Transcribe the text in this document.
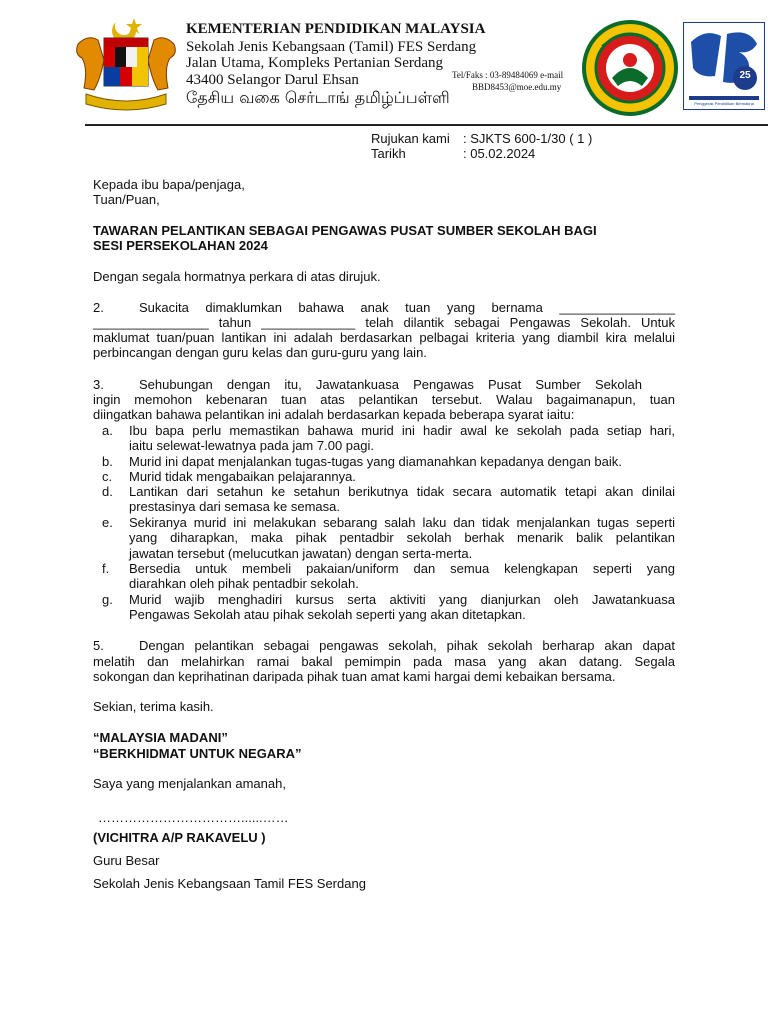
KEMENTERIAN PENDIDIKAN MALAYSIA
Sekolah Jenis Kebangsaan (Tamil) FES Serdang
Jalan Utama, Kompleks Pertanian Serdang
43400 Selangor Darul Ehsan
தேசிய வகை செர்டாங் தமிழ்ப்பள்ளி
Tel/Faks : 03-89484069 e-mail
BBD8453@moe.edu.my
25
Penggerak Pendidikan Bermakna
Rujukan kami : SJKTS 600-1/30 ( 1 )
Tarikh	: 05.02.2024
Kepada ibu bapa/penjaga,
Tuan/Puan,
TAWARAN PELANTIKAN SEBAGAI PENGAWAS PUSAT SUMBER SEKOLAH BAGI
SESI PERSEKOLAHAN 2024
Dengan segala hormatnya perkara di atas dirujuk.
2.	Sukacita dimaklumkan bahawa anak tuan yang bernama ________________
________________ tahun _____________ telah dilantik sebagai Pengawas Sekolah. Untuk
maklumat tuan/puan lantikan ini adalah berdasarkan pelbagai kriteria yang diambil kira melalui
perbincangan dengan guru kelas dan guru-guru yang lain.
3.	Sehubungan dengan itu, Jawatankuasa Pengawas Pusat Sumber Sekolah
ingin memohon kebenaran tuan atas pelantikan tersebut. Walau bagaimanapun, tuan
diingatkan bahawa pelantikan ini adalah berdasarkan kepada beberapa syarat iaitu:
a. Ibu bapa perlu memastikan bahawa murid ini hadir awal ke sekolah pada setiap hari,
iaitu selewat-lewatnya pada jam 7.00 pagi.
b. Murid ini dapat menjalankan tugas-tugas yang diamanahkan kepadanya dengan baik.
c. Murid tidak mengabaikan pelajarannya.
d. Lantikan dari setahun ke setahun berikutnya tidak secara automatik tetapi akan dinilai
prestasinya dari semasa ke semasa.
e. Sekiranya murid ini melakukan sebarang salah laku dan tidak menjalankan tugas seperti
yang diharapkan, maka pihak pentadbir sekolah berhak menarik balik pelantikan
jawatan tersebut (melucutkan jawatan) dengan serta-merta.
f. Bersedia untuk membeli pakaian/uniform dan semua kelengkapan seperti yang
diarahkan oleh pihak pentadbir sekolah.
g. Murid wajib menghadiri kursus serta aktiviti yang dianjurkan oleh Jawatankuasa
Pengawas Sekolah atau pihak sekolah seperti yang akan ditetapkan.
5.	Dengan pelantikan sebagai pengawas sekolah, pihak sekolah berharap akan dapat
melatih dan melahirkan ramai bakal pemimpin pada masa yang akan datang. Segala
sokongan dan keprihatinan daripada pihak tuan amat kami hargai demi kebaikan bersama.
Sekian, terima kasih.
“MALAYSIA MADANI”
“BERKHIDMAT UNTUK NEGARA”
Saya yang menjalankan amanah,
……………………………......……
(VICHITRA A/P RAKAVELU )
Guru Besar
Sekolah Jenis Kebangsaan Tamil FES Serdang
